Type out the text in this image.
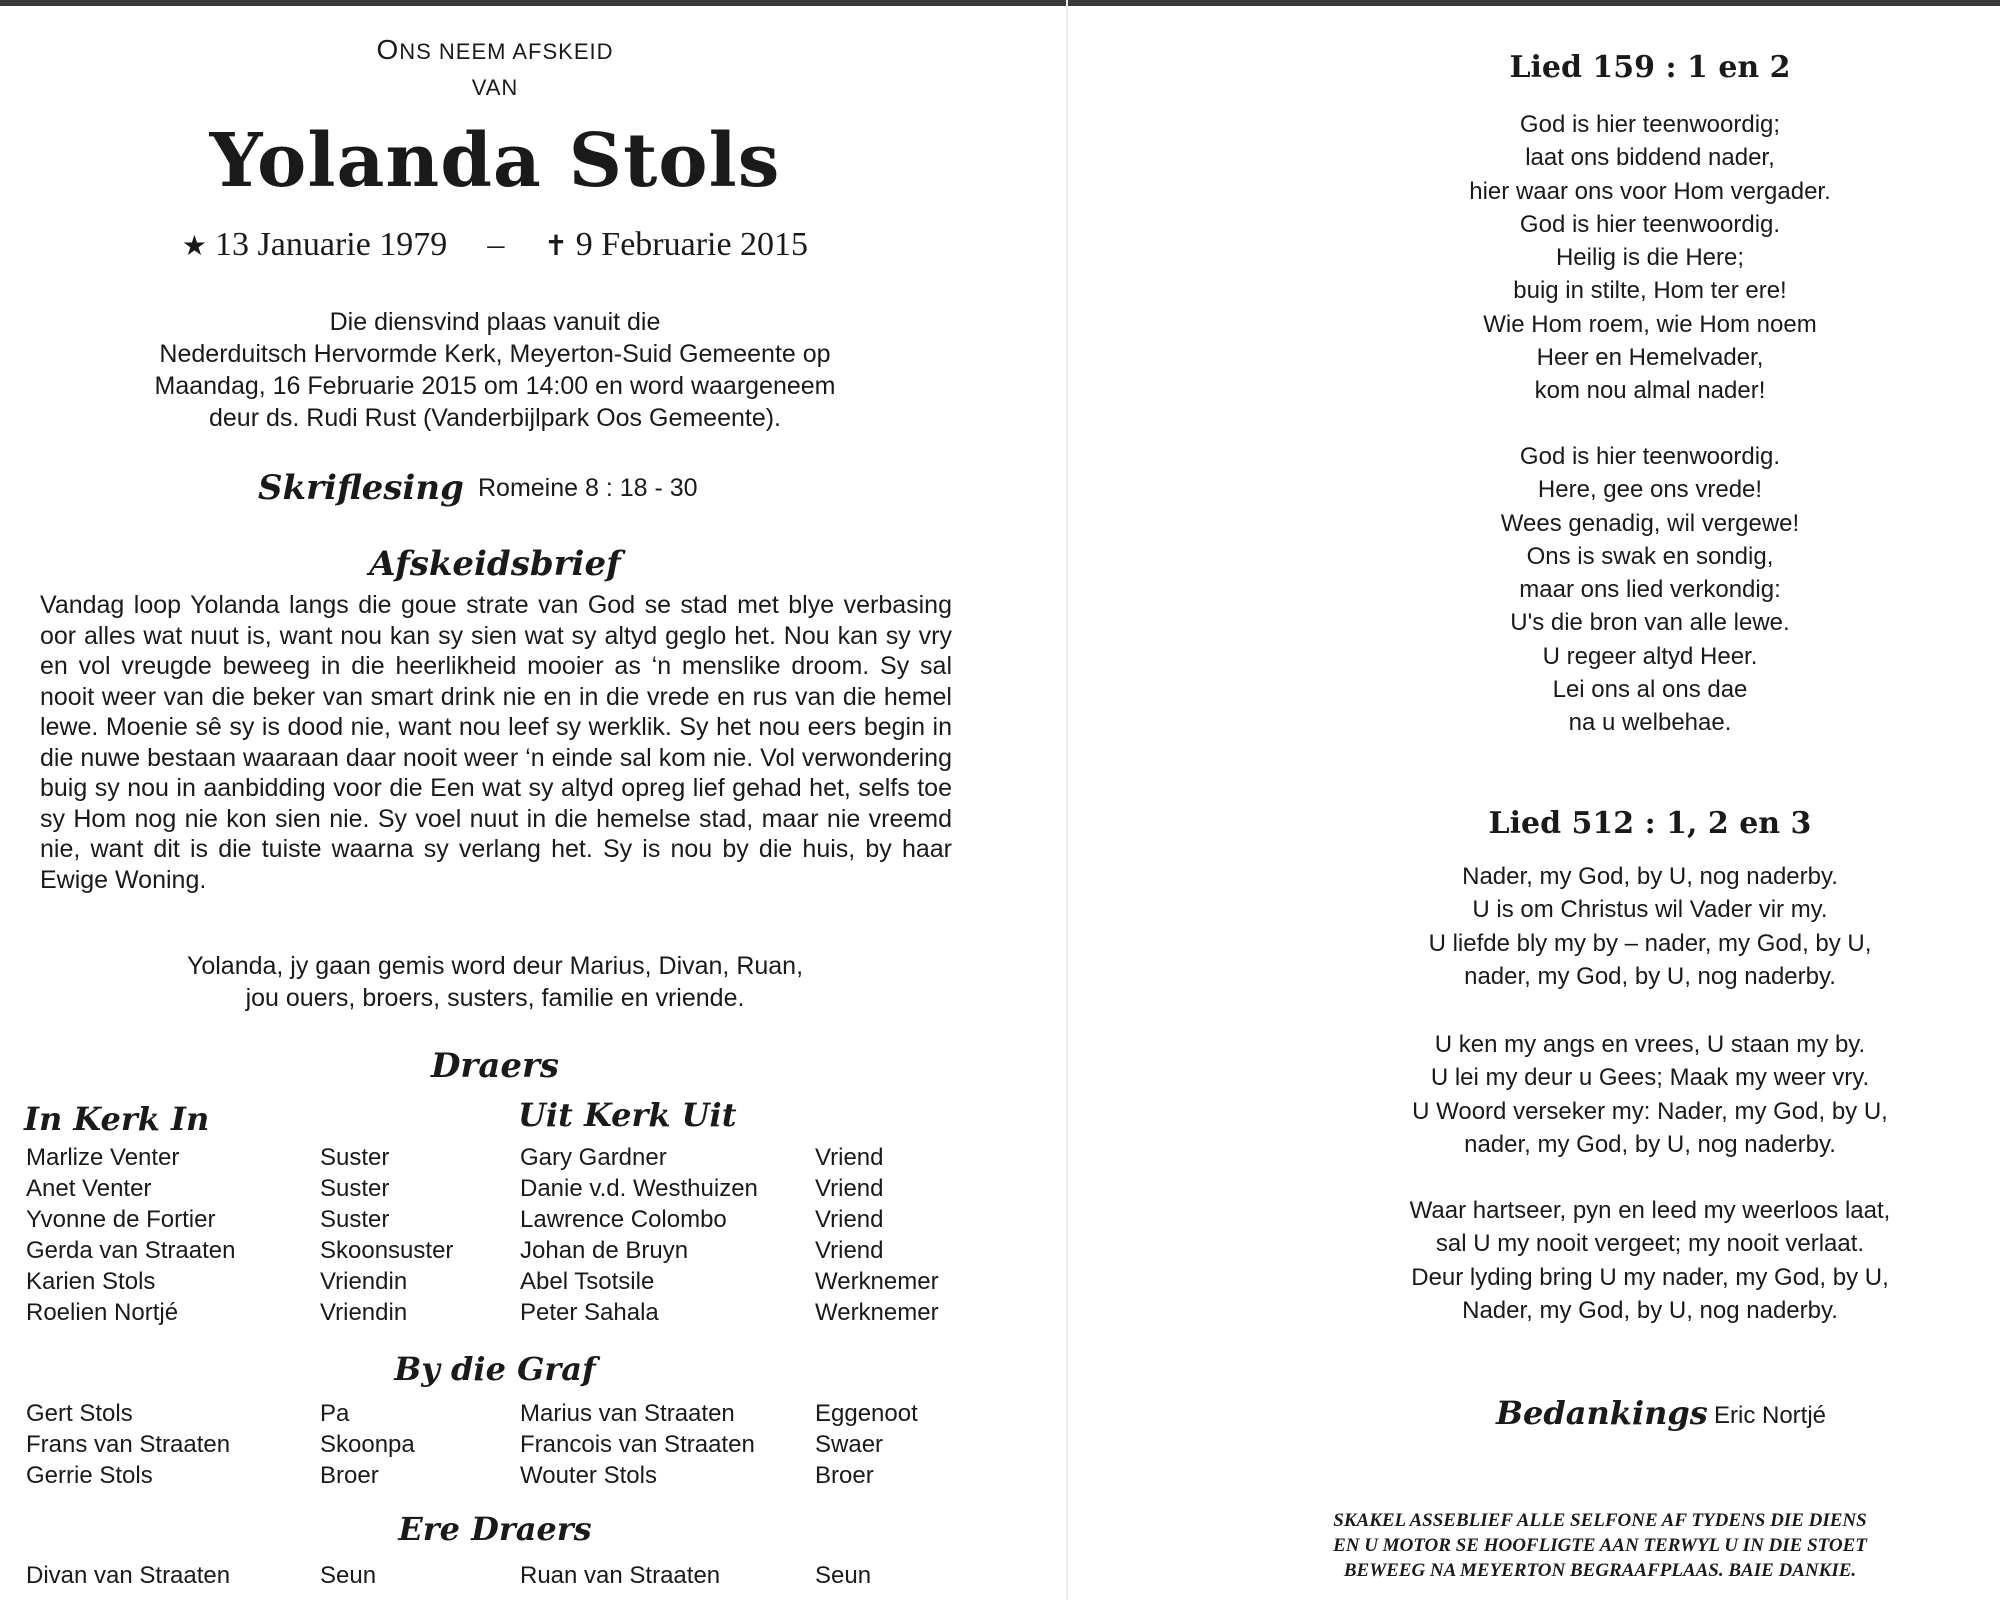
ONS NEEM AFSKEID
VAN
Yolanda Stols
★ 13 Januarie 1979 – ✝ 9 Februarie 2015
Die diensvind plaas vanuit die
Nederduitsch Hervormde Kerk, Meyerton-Suid Gemeente op
Maandag, 16 Februarie 2015 om 14:00 en word waargeneem
deur ds. Rudi Rust (Vanderbijlpark Oos Gemeente).
Skriflesing Romeine 8 : 18 - 30
Afskeidsbrief
Vandag loop Yolanda langs die goue strate van God se stad met blye verbasing oor alles wat nuut is, want nou kan sy sien wat sy altyd geglo het. Nou kan sy vry en vol vreugde beweeg in die heerlikheid mooier as ‘n menslike droom. Sy sal nooit weer van die beker van smart drink nie en in die vrede en rus van die hemel lewe. Moenie sê sy is dood nie, want nou leef sy werklik. Sy het nou eers begin in die nuwe bestaan waaraan daar nooit weer ‘n einde sal kom nie. Vol verwondering buig sy nou in aanbidding voor die Een wat sy altyd opreg lief gehad het, selfs toe sy Hom nog nie kon sien nie. Sy voel nuut in die hemelse stad, maar nie vreemd nie, want dit is die tuiste waarna sy verlang het. Sy is nou by die huis, by haar Ewige Woning.
Yolanda, jy gaan gemis word deur Marius, Divan, Ruan,
jou ouers, broers, susters, familie en vriende.
Draers
In Kerk In	Uit Kerk Uit
Marlize Venter	Suster	Gary Gardner	Vriend
Anet Venter	Suster	Danie v.d. Westhuizen Vriend
Yvonne de Fortier	Suster	Lawrence Colombo	Vriend
Gerda van Straaten	Skoonsuster	Johan de Bruyn	Vriend
Karien Stols	Vriendin	Abel Tsotsile	Werknemer
Roelien Nortjé	Vriendin	Peter Sahala	Werknemer
By die Graf
Gert Stols	Pa	Marius van Straaten	Eggenoot
Frans van Straaten	Skoonpa	Francois van Straaten	Swaer
Gerrie Stols	Broer	Wouter Stols	Broer
Ere Draers
Divan van Straaten	Seun	Ruan van Straaten	Seun
Lied 159 : 1 en 2
God is hier teenwoordig;
laat ons biddend nader,
hier waar ons voor Hom vergader.
God is hier teenwoordig.
Heilig is die Here;
buig in stilte, Hom ter ere!
Wie Hom roem, wie Hom noem
Heer en Hemelvader,
kom nou almal nader!
God is hier teenwoordig.
Here, gee ons vrede!
Wees genadig, wil vergewe!
Ons is swak en sondig,
maar ons lied verkondig:
U's die bron van alle lewe.
U regeer altyd Heer.
Lei ons al ons dae
na u welbehae.
Lied 512 : 1, 2 en 3
Nader, my God, by U, nog naderby.
U is om Christus wil Vader vir my.
U liefde bly my by – nader, my God, by U,
nader, my God, by U, nog naderby.
U ken my angs en vrees, U staan my by.
U lei my deur u Gees; Maak my weer vry.
U Woord verseker my: Nader, my God, by U,
nader, my God, by U, nog naderby.
Waar hartseer, pyn en leed my weerloos laat,
sal U my nooit vergeet; my nooit verlaat.
Deur lyding bring U my nader, my God, by U,
Nader, my God, by U, nog naderby.
Bedankings Eric Nortjé
SKAKEL ASSEBLIEF ALLE SELFONE AF TYDENS DIE DIENS
EN U MOTOR SE HOOFLIGTE AAN TERWYL U IN DIE STOET
BEWEEG NA MEYERTON BEGRAAFPLAAS. BAIE DANKIE.
